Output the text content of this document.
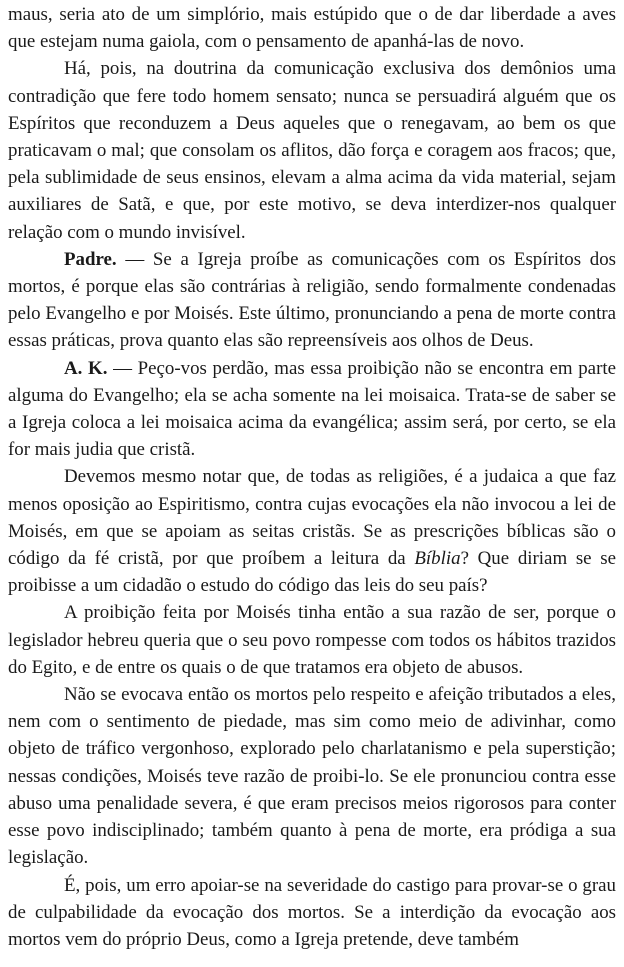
maus, seria ato de um simplório, mais estúpido que o de dar liberdade a aves que estejam numa gaiola, com o pensamento de apanhá-las de novo.

Há, pois, na doutrina da comunicação exclusiva dos demônios uma contradição que fere todo homem sensato; nunca se persuadirá alguém que os Espíritos que reconduzem a Deus aqueles que o renegavam, ao bem os que praticavam o mal; que consolam os aflitos, dão força e coragem aos fracos; que, pela sublimidade de seus ensinos, elevam a alma acima da vida material, sejam auxiliares de Satã, e que, por este motivo, se deva interdizer-nos qualquer relação com o mundo invisível.

Padre. — Se a Igreja proíbe as comunicações com os Espíritos dos mortos, é porque elas são contrárias à religião, sendo formalmente condenadas pelo Evangelho e por Moisés. Este último, pronunciando a pena de morte contra essas práticas, prova quanto elas são repreensíveis aos olhos de Deus.

A. K. — Peço-vos perdão, mas essa proibição não se encontra em parte alguma do Evangelho; ela se acha somente na lei moisaica. Trata-se de saber se a Igreja coloca a lei moisaica acima da evangélica; assim será, por certo, se ela for mais judia que cristã.

Devemos mesmo notar que, de todas as religiões, é a judaica a que faz menos oposição ao Espiritismo, contra cujas evocações ela não invocou a lei de Moisés, em que se apoiam as seitas cristãs. Se as prescrições bíblicas são o código da fé cristã, por que proíbem a leitura da Bíblia? Que diriam se se proibisse a um cidadão o estudo do código das leis do seu país?

A proibição feita por Moisés tinha então a sua razão de ser, porque o legislador hebreu queria que o seu povo rompesse com todos os hábitos trazidos do Egito, e de entre os quais o de que tratamos era objeto de abusos.

Não se evocava então os mortos pelo respeito e afeição tributados a eles, nem com o sentimento de piedade, mas sim como meio de adivinhar, como objeto de tráfico vergonhoso, explorado pelo charlatanismo e pela superstição; nessas condições, Moisés teve razão de proibi-lo. Se ele pronunciou contra esse abuso uma penalidade severa, é que eram precisos meios rigorosos para conter esse povo indisciplinado; também quanto à pena de morte, era pródiga a sua legislação.

É, pois, um erro apoiar-se na severidade do castigo para provar-se o grau de culpabilidade da evocação dos mortos. Se a interdição da evocação aos mortos vem do próprio Deus, como a Igreja pretende, deve também
